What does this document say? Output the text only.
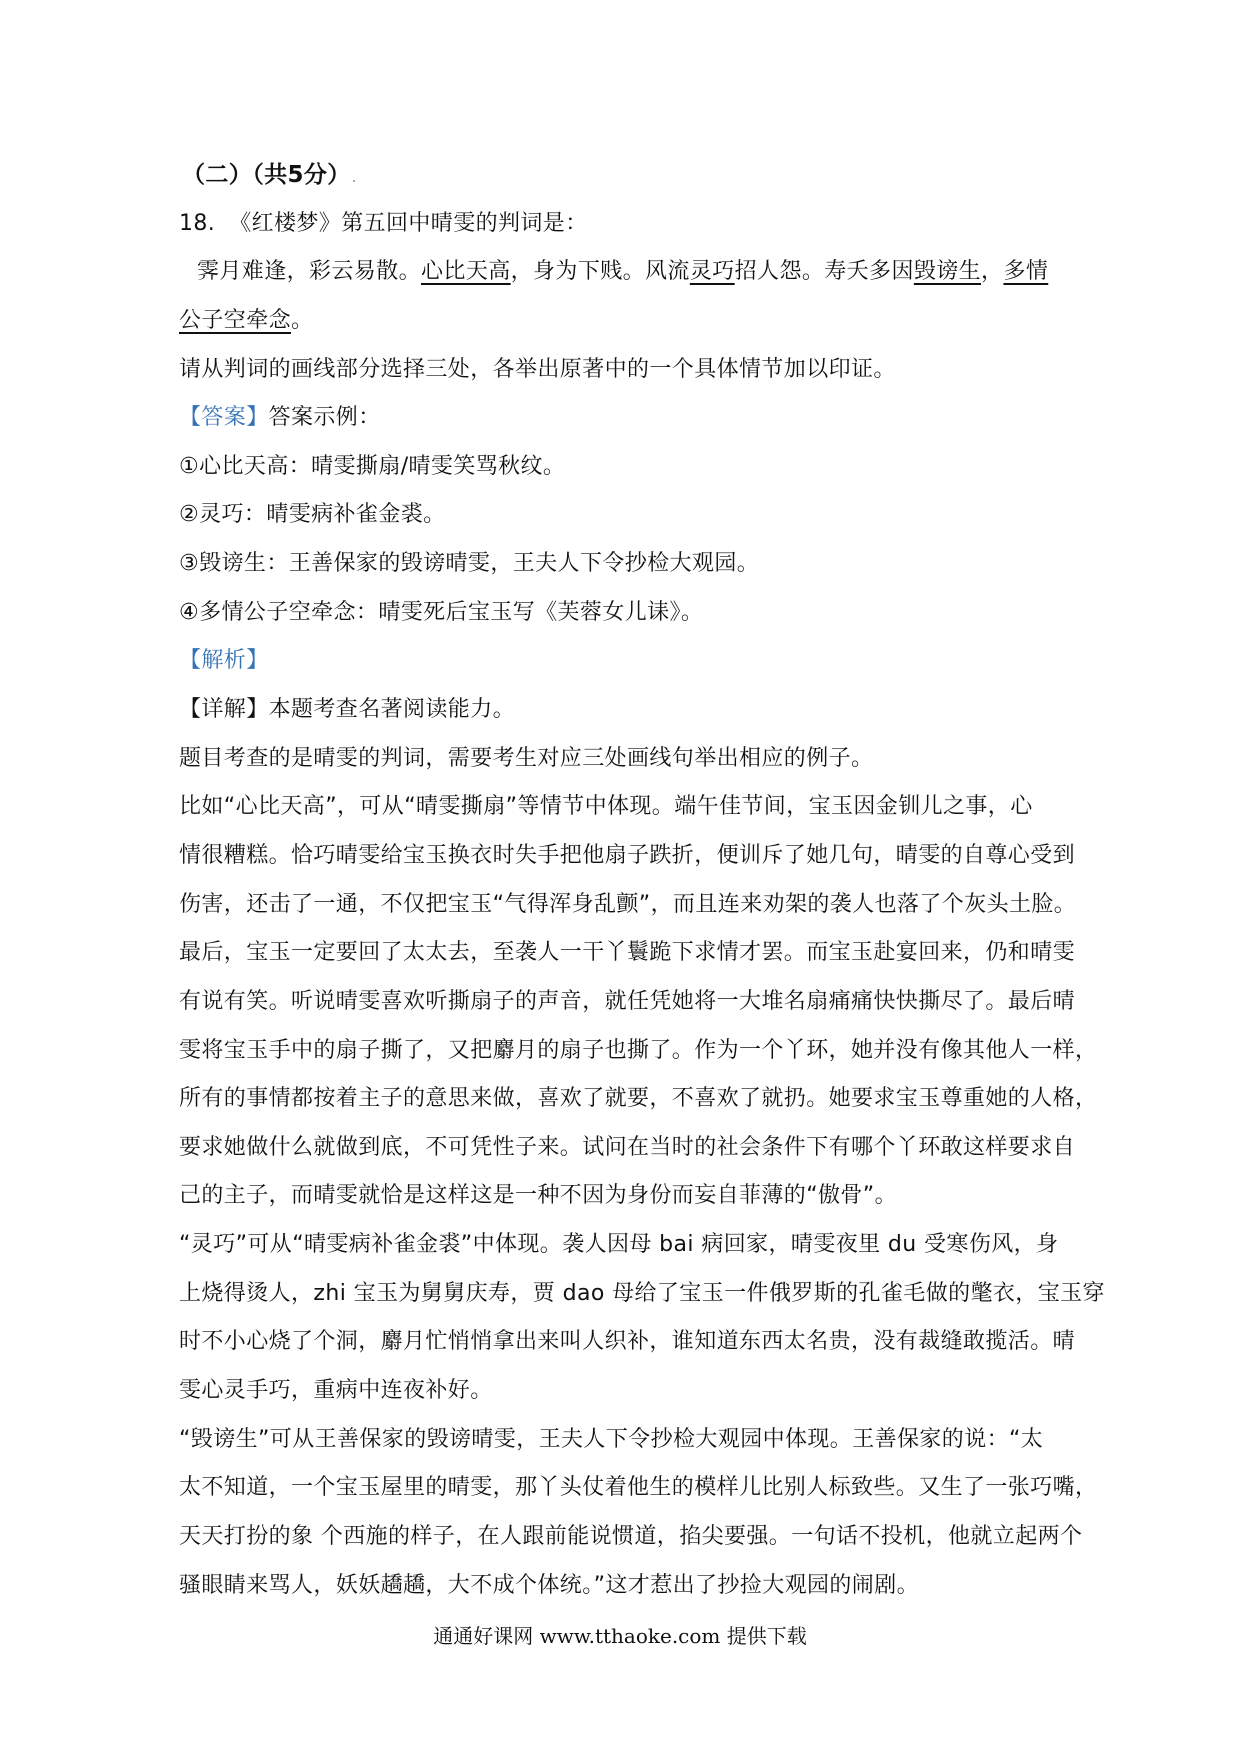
（二）（共5分）.
18. 《红楼梦》第五回中晴雯的判词是：
霁月难逢，彩云易散。心比天高，身为下贱。风流灵巧招人怨。寿夭多因毁谤生，多情
公子空牵念。
请从判词的画线部分选择三处，各举出原著中的一个具体情节加以印证。
【答案】答案示例：
①心比天高：晴雯撕扇/晴雯笑骂秋纹。
②灵巧：晴雯病补雀金裘。
③毁谤生：王善保家的毁谤晴雯，王夫人下令抄检大观园。
④多情公子空牵念：晴雯死后宝玉写《芙蓉女儿诔》。
【解析】
【详解】本题考查名著阅读能力。
题目考查的是晴雯的判词，需要考生对应三处画线句举出相应的例子。
比如“心比天高”，可从“晴雯撕扇”等情节中体现。端午佳节间，宝玉因金钏儿之事，心
情很糟糕。恰巧晴雯给宝玉换衣时失手把他扇子跌折，便训斥了她几句，晴雯的自尊心受到
伤害，还击了一通，不仅把宝玉“气得浑身乱颤”，而且连来劝架的袭人也落了个灰头土脸。
最后，宝玉一定要回了太太去，至袭人一干丫鬟跪下求情才罢。而宝玉赴宴回来，仍和晴雯
有说有笑。听说晴雯喜欢听撕扇子的声音，就任凭她将一大堆名扇痛痛快快撕尽了。最后晴
雯将宝玉手中的扇子撕了，又把麝月的扇子也撕了。作为一个丫环，她并没有像其他人一样，
所有的事情都按着主子的意思来做，喜欢了就要，不喜欢了就扔。她要求宝玉尊重她的人格，
要求她做什么就做到底，不可凭性子来。试问在当时的社会条件下有哪个丫环敢这样要求自
己的主子，而晴雯就恰是这样这是一种不因为身份而妄自菲薄的“傲骨”。
“灵巧”可从“晴雯病补雀金裘”中体现。袭人因母 bai 病回家，晴雯夜里 du 受寒伤风，身
上烧得烫人，zhi 宝玉为舅舅庆寿，贾 dao 母给了宝玉一件俄罗斯的孔雀毛做的氅衣，宝玉穿
时不小心烧了个洞，麝月忙悄悄拿出来叫人织补，谁知道东西太名贵，没有裁缝敢揽活。晴
雯心灵手巧，重病中连夜补好。
“毁谤生”可从王善保家的毁谤晴雯，王夫人下令抄检大观园中体现。王善保家的说：“太
太不知道，一个宝玉屋里的晴雯，那丫头仗着他生的模样儿比别人标致些。又生了一张巧嘴，
天天打扮的象 个西施的样子，在人跟前能说惯道，掐尖要强。一句话不投机，他就立起两个
骚眼睛来骂人，妖妖趫趫，大不成个体统。”这才惹出了抄捡大观园的闹剧。
通通好课网 www.tthaoke.com 提供下载
